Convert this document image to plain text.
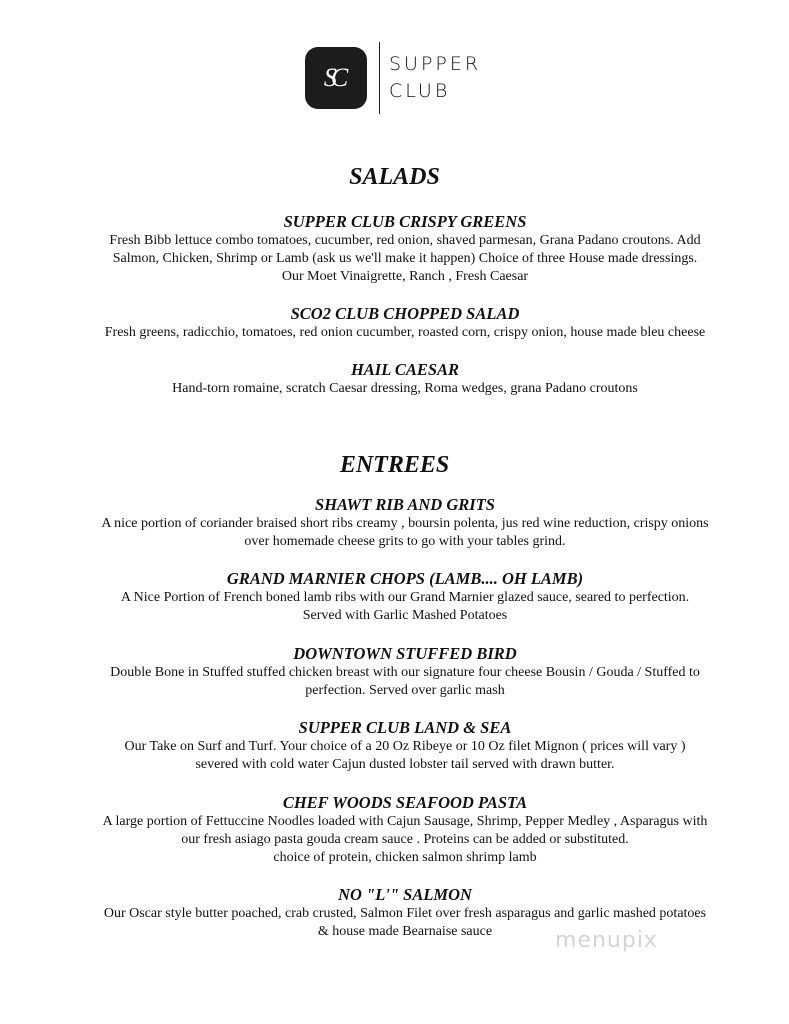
SC SUPPER
CLUB
SALADS

SUPPER CLUB CRISPY GREENS

Fresh Bibb lettuce combo tomatoes, cucumber, red onion, shaved parmesan, Grana Padano croutons. Add

Salmon, Chicken, Shrimp or Lamb (ask us we'll make it happen) Choice of three House made dressings.

Our Moet Vinaigrette, Ranch , Fresh Caesar

SCO2 CLUB CHOPPED SALAD

Fresh greens, radicchio, tomatoes, red onion cucumber, roasted corn, crispy onion, house made bleu cheese

HAIL CAESAR

Hand-torn romaine, scratch Caesar dressing, Roma wedges, grana Padano croutons

ENTREES

SHAWT RIB AND GRITS

A nice portion of coriander braised short ribs creamy , boursin polenta, jus red wine reduction, crispy onions

over homemade cheese grits to go with your tables grind.

GRAND MARNIER CHOPS (LAMB.... OH LAMB)

A Nice Portion of French boned lamb ribs with our Grand Marnier glazed sauce, seared to perfection.

Served with Garlic Mashed Potatoes

DOWNTOWN STUFFED BIRD

Double Bone in Stuffed stuffed chicken breast with our signature four cheese Bousin / Gouda / Stuffed to

perfection. Served over garlic mash

SUPPER CLUB LAND & SEA

Our Take on Surf and Turf. Your choice of a 20 Oz Ribeye or 10 Oz filet Mignon ( prices will vary )

severed with cold water Cajun dusted lobster tail served with drawn butter.

CHEF WOODS SEAFOOD PASTA

A large portion of Fettuccine Noodles loaded with Cajun Sausage, Shrimp, Pepper Medley , Asparagus with

our fresh asiago pasta gouda cream sauce . Proteins can be added or substituted.

choice of protein, chicken salmon shrimp lamb

NO "L'" SALMON

Our Oscar style butter poached, crab crusted, Salmon Filet over fresh asparagus and garlic mashed potatoes

& house made Bearnaise sauce	menupix
